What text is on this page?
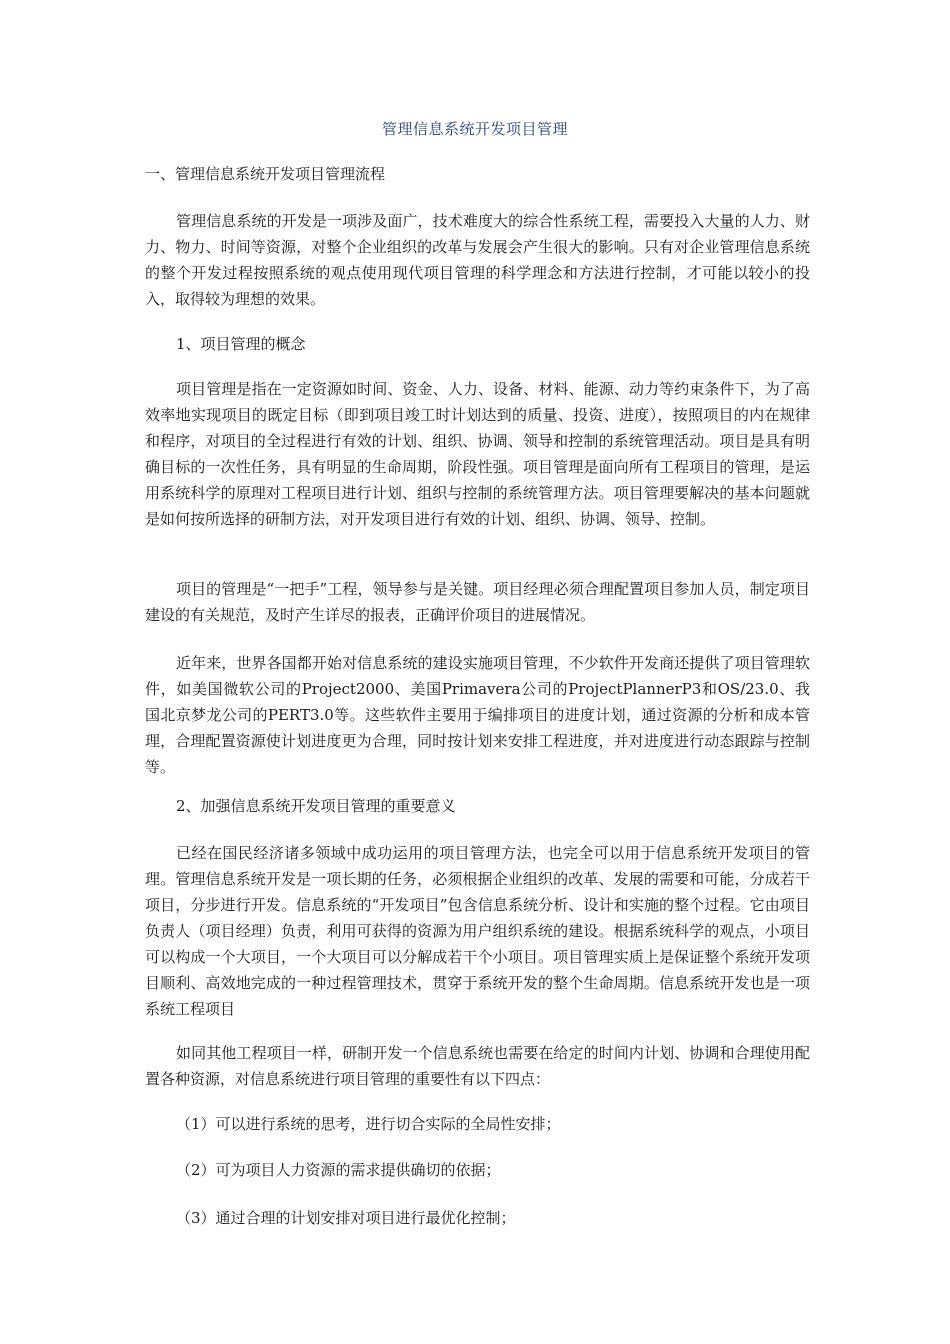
管理信息系统开发项目管理
一、管理信息系统开发项目管理流程

管理信息系统的开发是一项涉及面广，技术难度大的综合性系统工程，需要投入大量的人力、财力、物力、时间等资源，对整个企业组织的改革与发展会产生很大的影响。只有对企业管理信息系统的整个开发过程按照系统的观点使用现代项目管理的科学理念和方法进行控制，才可能以较小的投入，取得较为理想的效果。

1、项目管理的概念

项目管理是指在一定资源如时间、资金、人力、设备、材料、能源、动力等约束条件下，为了高效率地实现项目的既定目标（即到项目竣工时计划达到的质量、投资、进度），按照项目的内在规律和程序，对项目的全过程进行有效的计划、组织、协调、领导和控制的系统管理活动。项目是具有明确目标的一次性任务，具有明显的生命周期，阶段性强。项目管理是面向所有工程项目的管理，是运用系统科学的原理对工程项目进行计划、组织与控制的系统管理方法。项目管理要解决的基本问题就是如何按所选择的研制方法，对开发项目进行有效的计划、组织、协调、领导、控制。

项目的管理是“一把手”工程，领导参与是关键。项目经理必须合理配置项目参加人员，制定项目建设的有关规范，及时产生详尽的报表，正确评价项目的进展情况。

近年来，世界各国都开始对信息系统的建设实施项目管理，不少软件开发商还提供了项目管理软件，如美国微软公司的Project2000、美国Primavera公司的ProjectPlannerP3和OS/23.0、我国北京梦龙公司的PERT3.0等。这些软件主要用于编排项目的进度计划，通过资源的分析和成本管理，合理配置资源使计划进度更为合理，同时按计划来安排工程进度，并对进度进行动态跟踪与控制等。

2、加强信息系统开发项目管理的重要意义

已经在国民经济诸多领域中成功运用的项目管理方法，也完全可以用于信息系统开发项目的管理。管理信息系统开发是一项长期的任务，必须根据企业组织的改革、发展的需要和可能，分成若干项目，分步进行开发。信息系统的“开发项目”包含信息系统分析、设计和实施的整个过程。它由项目负责人（项目经理）负责，利用可获得的资源为用户组织系统的建设。根据系统科学的观点，小项目可以构成一个大项目，一个大项目可以分解成若干个小项目。项目管理实质上是保证整个系统开发项目顺利、高效地完成的一种过程管理技术，贯穿于系统开发的整个生命周期。信息系统开发也是一项系统工程项目

如同其他工程项目一样，研制开发一个信息系统也需要在给定的时间内计划、协调和合理使用配置各种资源，对信息系统进行项目管理的重要性有以下四点：

（1）可以进行系统的思考，进行切合实际的全局性安排；
（2）可为项目人力资源的需求提供确切的依据；
（3）通过合理的计划安排对项目进行最优化控制；
